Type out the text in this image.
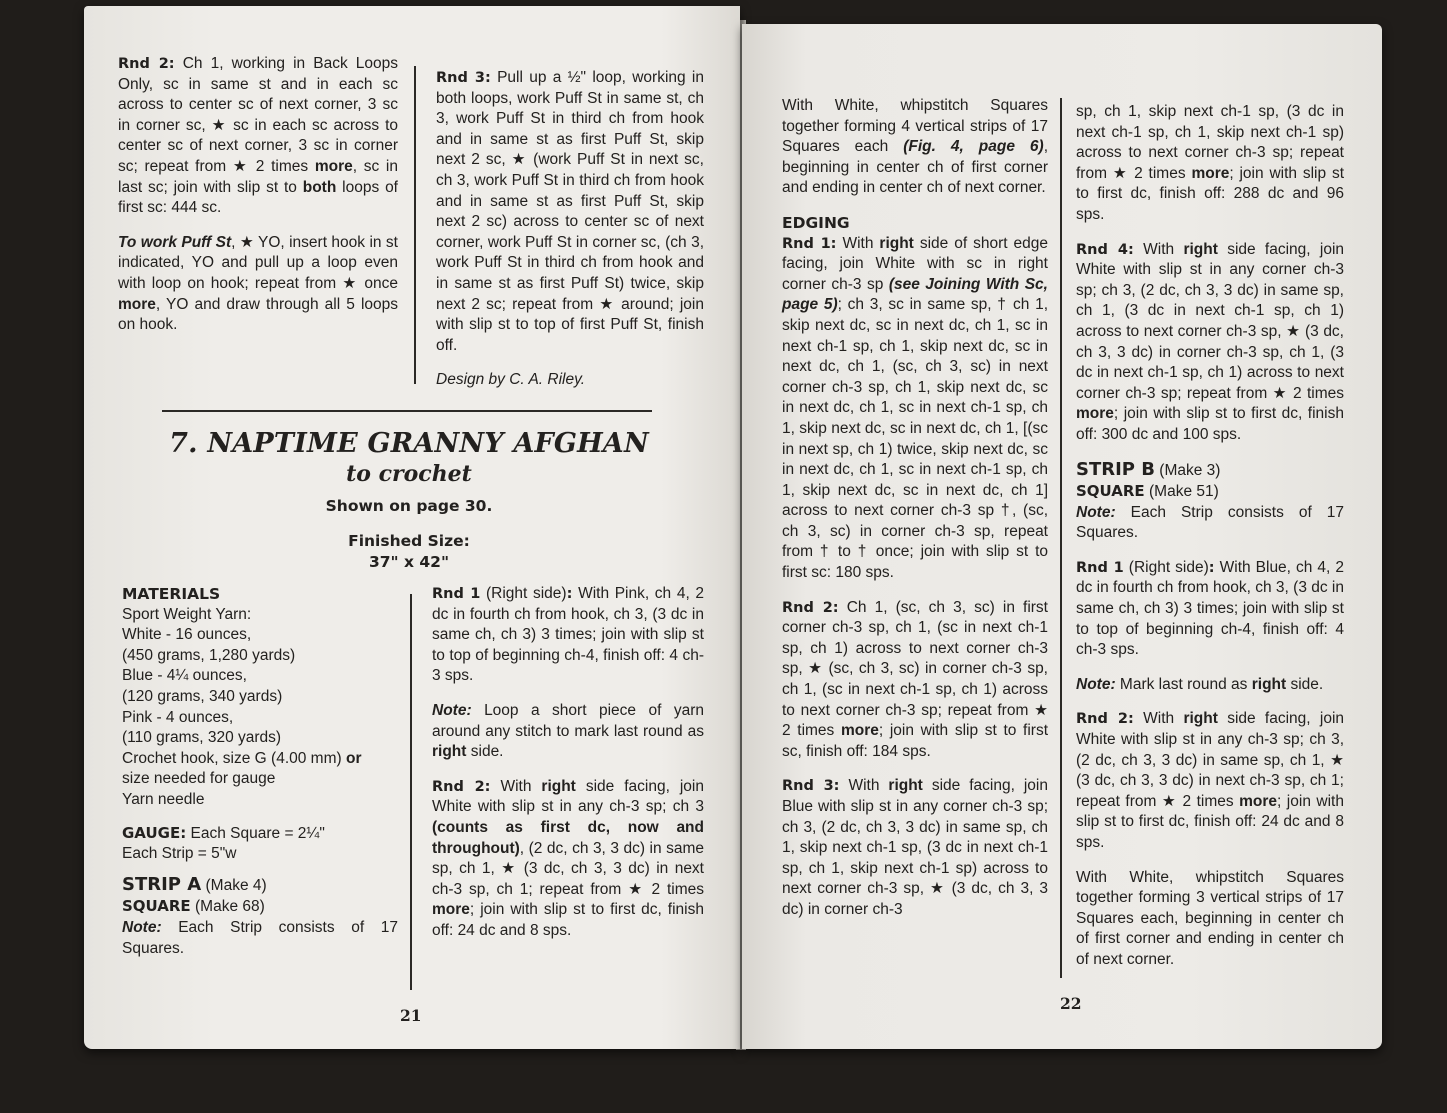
Rnd 2: Ch 1, working in Back Loops Only, sc in same st and in each sc across to center sc of next corner, 3 sc in corner sc, ★ sc in each sc across to center sc of next corner, 3 sc in corner sc; repeat from ★ 2 times more, sc in last sc; join with slip st to both loops of first sc: 444 sc.

To work Puff St, ★ YO, insert hook in st indicated, YO and pull up a loop even with loop on hook; repeat from ★ once more, YO and draw through all 5 loops on hook.

Rnd 3: Pull up a ½" loop, working in both loops, work Puff St in same st, ch 3, work Puff St in third ch from hook and in same st as first Puff St, skip next 2 sc, ★ (work Puff St in next sc, ch 3, work Puff St in third ch from hook and in same st as first Puff St, skip next 2 sc) across to center sc of next corner, work Puff St in corner sc, (ch 3, work Puff St in third ch from hook and in same st as first Puff St) twice, skip next 2 sc; repeat from ★ around; join with slip st to top of first Puff St, finish off.

Design by C. A. Riley.

7. NAPTIME GRANNY AFGHAN
to crochet
Shown on page 30.
Finished Size:
37" x 42"
MATERIALS
Sport Weight Yarn:
White - 16 ounces,
(450 grams, 1,280 yards)
Blue - 4¼ ounces,
(120 grams, 340 yards)
Pink - 4 ounces,
(110 grams, 320 yards)
Crochet hook, size G (4.00 mm) or
size needed for gauge
Yarn needle
GAUGE: Each Square = 2¼"
Each Strip = 5"w
STRIP A (Make 4)
SQUARE (Make 68)
Note: Each Strip consists of 17 Squares.

Rnd 1 (Right side): With Pink, ch 4, 2 dc in fourth ch from hook, ch 3, (3 dc in same ch, ch 3) 3 times; join with slip st to top of beginning ch-4, finish off: 4 ch-3 sps.

Note: Loop a short piece of yarn around any stitch to mark last round as right side.

Rnd 2: With right side facing, join White with slip st in any ch-3 sp; ch 3 (counts as first dc, now and throughout), (2 dc, ch 3, 3 dc) in same sp, ch 1, ★ (3 dc, ch 3, 3 dc) in next ch-3 sp, ch 1; repeat from ★ 2 times more; join with slip st to first dc, finish off: 24 dc and 8 sps.

21

With White, whipstitch Squares together forming 4 vertical strips of 17 Squares each (Fig. 4, page 6), beginning in center ch of first corner and ending in center ch of next corner.

EDGING

Rnd 1: With right side of short edge facing, join White with sc in right corner ch-3 sp (see Joining With Sc, page 5); ch 3, sc in same sp, † ch 1, skip next dc, sc in next dc, ch 1, sc in next ch-1 sp, ch 1, skip next dc, sc in next dc, ch 1, (sc, ch 3, sc) in next corner ch-3 sp, ch 1, skip next dc, sc in next dc, ch 1, sc in next ch-1 sp, ch 1, skip next dc, sc in next dc, ch 1, [(sc in next sp, ch 1) twice, skip next dc, sc in next dc, ch 1, sc in next ch-1 sp, ch 1, skip next dc, sc in next dc, ch 1] across to next corner ch-3 sp †, (sc, ch 3, sc) in corner ch-3 sp, repeat from † to † once; join with slip st to first sc: 180 sps.

Rnd 2: Ch 1, (sc, ch 3, sc) in first corner ch-3 sp, ch 1, (sc in next ch-1 sp, ch 1) across to next corner ch-3 sp, ★ (sc, ch 3, sc) in corner ch-3 sp, ch 1, (sc in next ch-1 sp, ch 1) across to next corner ch-3 sp; repeat from ★ 2 times more; join with slip st to first sc, finish off: 184 sps.

Rnd 3: With right side facing, join Blue with slip st in any corner ch-3 sp; ch 3, (2 dc, ch 3, 3 dc) in same sp, ch 1, skip next ch-1 sp, (3 dc in next ch-1 sp, ch 1, skip next ch-1 sp) across to next corner ch-3 sp, ★ (3 dc, ch 3, 3 dc) in corner ch-3

sp, ch 1, skip next ch-1 sp, (3 dc in next ch-1 sp, ch 1, skip next ch-1 sp) across to next corner ch-3 sp; repeat from ★ 2 times more; join with slip st to first dc, finish off: 288 dc and 96 sps.

Rnd 4: With right side facing, join White with slip st in any corner ch-3 sp; ch 3, (2 dc, ch 3, 3 dc) in same sp, ch 1, (3 dc in next ch-1 sp, ch 1) across to next corner ch-3 sp, ★ (3 dc, ch 3, 3 dc) in corner ch-3 sp, ch 1, (3 dc in next ch-1 sp, ch 1) across to next corner ch-3 sp; repeat from ★ 2 times more; join with slip st to first dc, finish off: 300 dc and 100 sps.

STRIP B (Make 3)
SQUARE (Make 51)
Note: Each Strip consists of 17 Squares.

Rnd 1 (Right side): With Blue, ch 4, 2 dc in fourth ch from hook, ch 3, (3 dc in same ch, ch 3) 3 times; join with slip st to top of beginning ch-4, finish off: 4 ch-3 sps.

Note: Mark last round as right side.

Rnd 2: With right side facing, join White with slip st in any ch-3 sp; ch 3, (2 dc, ch 3, 3 dc) in same sp, ch 1, ★ (3 dc, ch 3, 3 dc) in next ch-3 sp, ch 1; repeat from ★ 2 times more; join with slip st to first dc, finish off: 24 dc and 8 sps.

With White, whipstitch Squares together forming 3 vertical strips of 17 Squares each, beginning in center ch of first corner and ending in center ch of next corner.

22
